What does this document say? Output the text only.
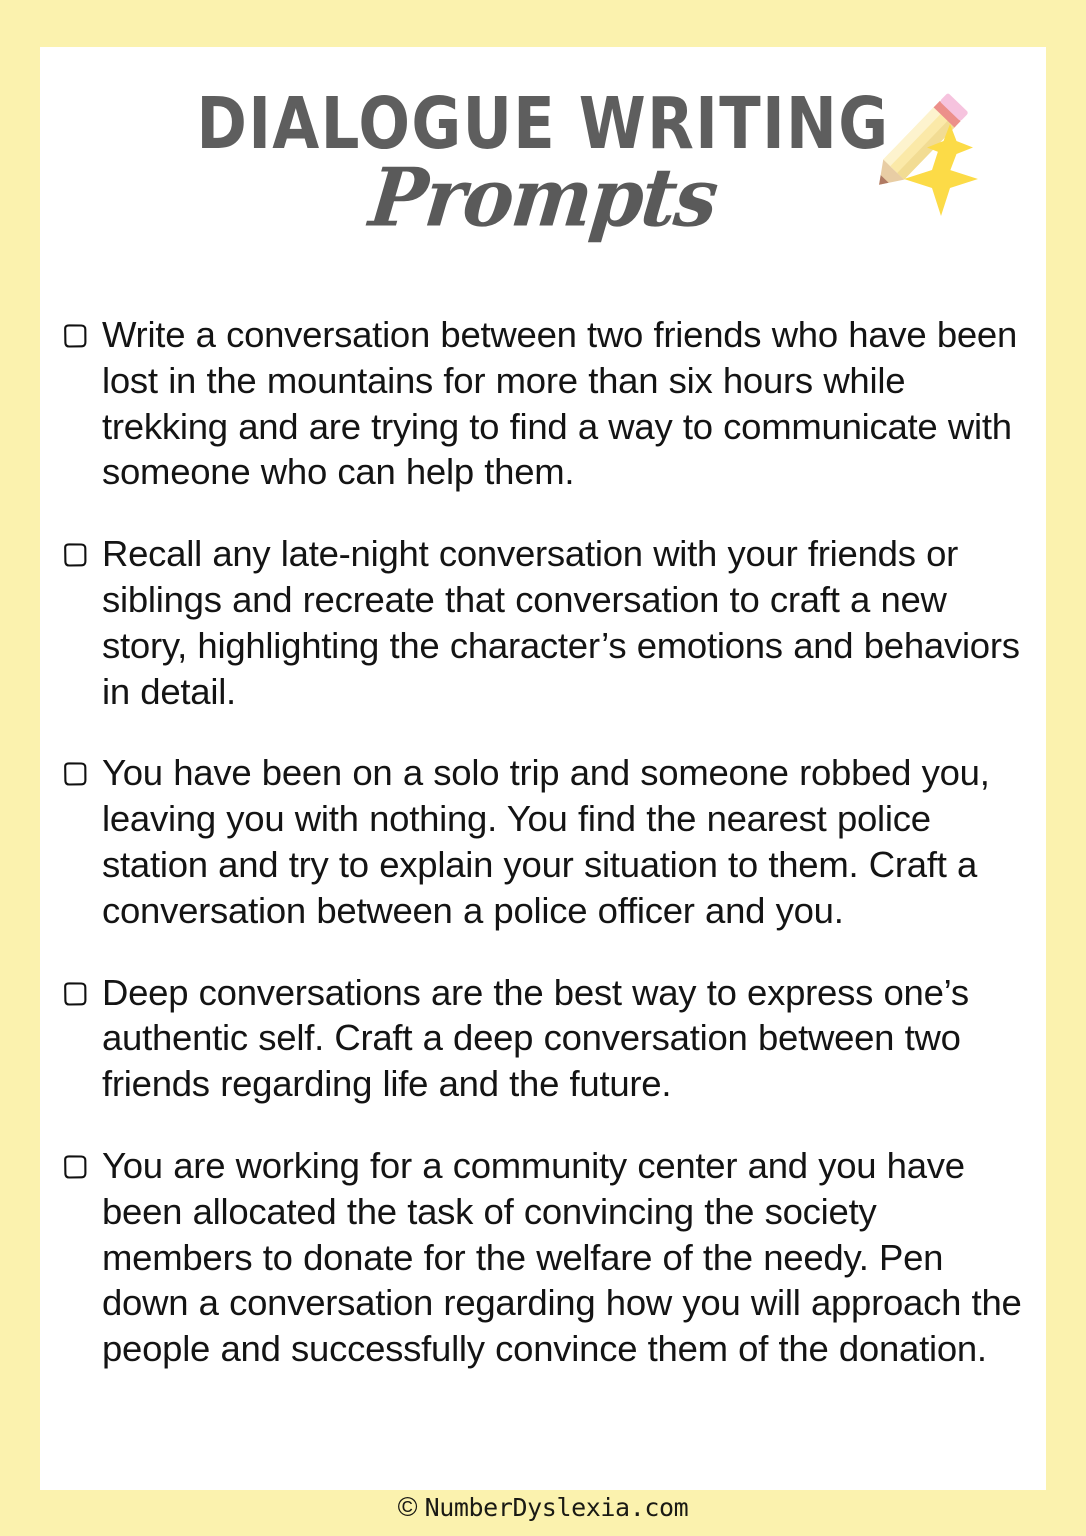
DIALOGUE WRITING
Prompts
Write a conversation between two friends who have been lost in the mountains for more than six hours while trekking and are trying to find a way to communicate with someone who can help them.
Recall any late-night conversation with your friends or siblings and recreate that conversation to craft a new story, highlighting the character’s emotions and behaviors in detail.
You have been on a solo trip and someone robbed you, leaving you with nothing. You find the nearest police station and try to explain your situation to them. Craft a conversation between a police officer and you.
Deep conversations are the best way to express one’s authentic self. Craft a deep conversation between two friends regarding life and the future.
You are working for a community center and you have been allocated the task of convincing the society members to donate for the welfare of the needy. Pen down a conversation regarding how you will approach the people and successfully convince them of the donation.
© NumberDyslexia.com
